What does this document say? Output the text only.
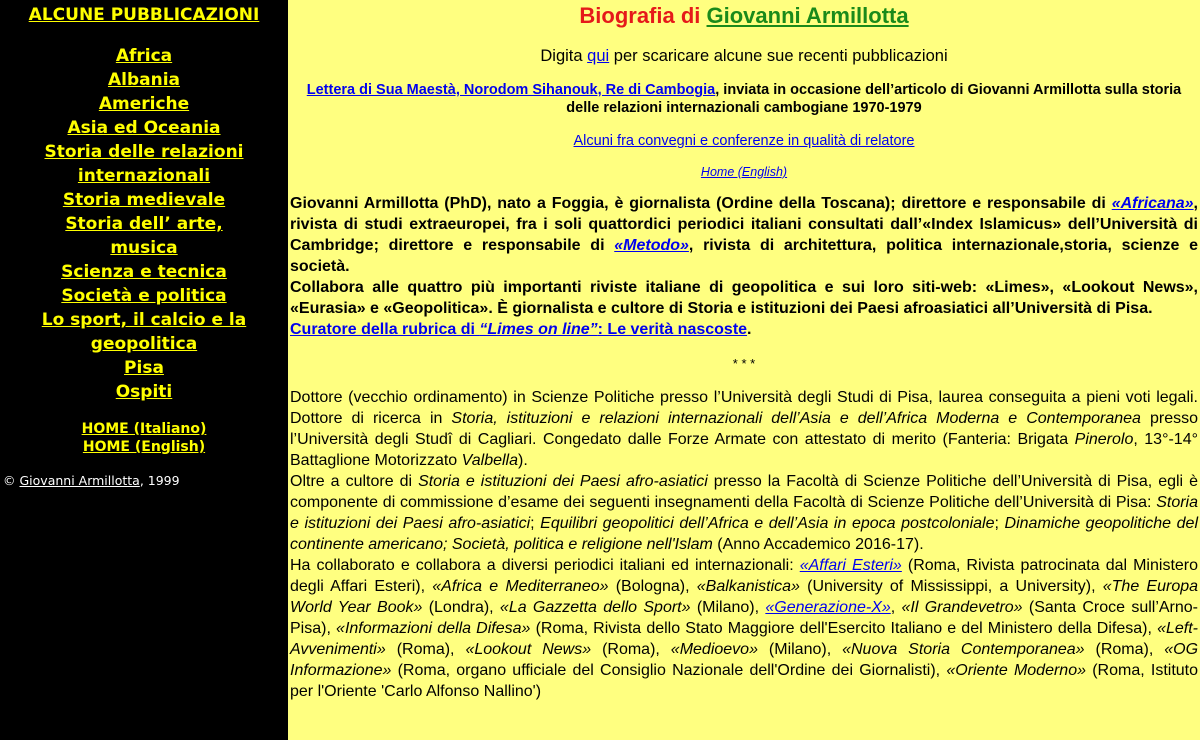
ALCUNE PUBBLICAZIONI
Africa
Albania
Americhe
Asia ed Oceania
Storia delle relazioni internazionali
Storia medievale
Storia dell’ arte, musica
Scienza e tecnica
Società e politica
Lo sport, il calcio e la geopolitica
Pisa
Ospiti
HOME (Italiano)
HOME (English)
© Giovanni Armillotta, 1999
Biografia di Giovanni Armillotta
Digita qui per scaricare alcune sue recenti pubblicazioni
Lettera di Sua Maestà, Norodom Sihanouk, Re di Cambogia, inviata in occasione dell’articolo di Giovanni Armillotta sulla storia delle relazioni internazionali cambogiane 1970-1979
Alcuni fra convegni e conferenze in qualità di relatore
Home (English)

Giovanni Armillotta (PhD), nato a Foggia, è giornalista (Ordine della Toscana); direttore e responsabile di «Africana», rivista di studi extraeuropei, fra i soli quattordici periodici italiani consultati dall’«Index Islamicus» dell’Università di Cambridge; direttore e responsabile di «Metodo», rivista di architettura, politica internazionale,storia, scienze e società.

Collabora alle quattro più importanti riviste italiane di geopolitica e sui loro siti-web: «Limes», «Lookout News», «Eurasia» e «Geopolitica». È giornalista e cultore di Storia e istituzioni dei Paesi afroasiatici all’Università di Pisa.

Curatore della rubrica di “Limes on line”: Le verità nascoste.

* * *

Dottore (vecchio ordinamento) in Scienze Politiche presso l’Università degli Studi di Pisa, laurea conseguita a pieni voti legali. Dottore di ricerca in Storia, istituzioni e relazioni internazionali dell’Asia e dell’Africa Moderna e Contemporanea presso l’Università degli Studî di Cagliari. Congedato dalle Forze Armate con attestato di merito (Fanteria: Brigata Pinerolo, 13°-14° Battaglione Motorizzato Valbella).

Oltre a cultore di Storia e istituzioni dei Paesi afro-asiatici presso la Facoltà di Scienze Politiche dell’Università di Pisa, egli è componente di commissione d’esame dei seguenti insegnamenti della Facoltà di Scienze Politiche dell’Università di Pisa: Storia e istituzioni dei Paesi afro-asiatici; Equilibri geopolitici dell’Africa e dell’Asia in epoca postcoloniale; Dinamiche geopolitiche del continente americano; Società, politica e religione nell'Islam (Anno Accademico 2016-17).

Ha collaborato e collabora a diversi periodici italiani ed internazionali: «Affari Esteri» (Roma, Rivista patrocinata dal Ministero degli Affari Esteri), «Africa e Mediterraneo» (Bologna), «Balkanistica» (University of Mississippi, a University), «The Europa World Year Book» (Londra), «La Gazzetta dello Sport» (Milano), «Generazione-X», «Il Grandevetro» (Santa Croce sull’Arno-Pisa), «Informazioni della Difesa» (Roma, Rivista dello Stato Maggiore dell'Esercito Italiano e del Ministero della Difesa), «Left-Avvenimenti» (Roma), «Lookout News» (Roma), «Medioevo» (Milano), «Nuova Storia Contemporanea» (Roma), «OG Informazione» (Roma, organo ufficiale del Consiglio Nazionale dell'Ordine dei Giornalisti), «Oriente Moderno» (Roma, Istituto per l'Oriente 'Carlo Alfonso Nallino')
